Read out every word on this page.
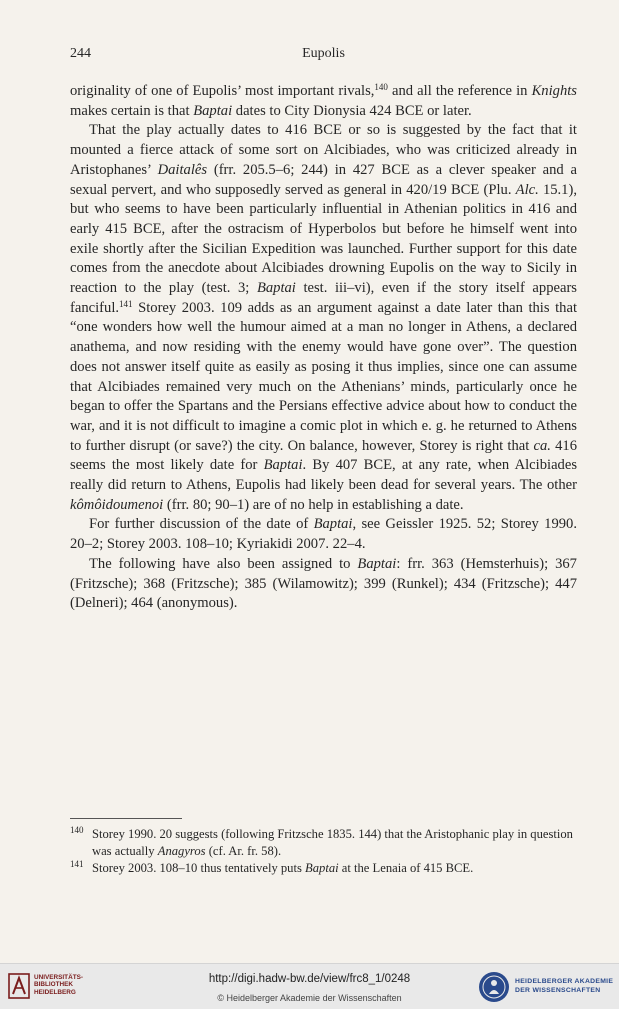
244	Eupolis

originality of one of Eupolis’ most important rivals,$^{140}$ and all the reference in Knights makes certain is that Baptai dates to City Dionysia 424 BCE or later.

That the play actually dates to 416 BCE or so is suggested by the fact that it mounted a fierce attack of some sort on Alcibiades, who was criticized already in Aristophanes’ Daitalês (frr. 205.5–6; 244) in 427 BCE as a clever speaker and a sexual pervert, and who supposedly served as general in 420/19 BCE (Plu. Alc. 15.1), but who seems to have been particularly influential in Athenian politics in 416 and early 415 BCE, after the ostracism of Hyperbolos but before he himself went into exile shortly after the Sicilian Expedition was launched. Further support for this date comes from the anecdote about Alcibiades drowning Eupolis on the way to Sicily in reaction to the play (test. 3; Baptai test. iii–vi), even if the story itself appears fanciful.$^{141}$ Storey 2003. 109 adds as an argument against a date later than this that “one wonders how well the humour aimed at a man no longer in Athens, a declared anathema, and now residing with the enemy would have gone over”. The question does not answer itself quite as easily as posing it thus implies, since one can assume that Alcibiades remained very much on the Athenians’ minds, particularly once he began to offer the Spartans and the Persians effective advice about how to conduct the war, and it is not difficult to imagine a comic plot in which e. g. he returned to Athens to further disrupt (or save?) the city. On balance, however, Storey is right that ca. 416 seems the most likely date for Baptai. By 407 BCE, at any rate, when Alcibiades really did return to Athens, Eupolis had likely been dead for several years. The other kômôidoumenoi (frr. 80; 90–1) are of no help in establishing a date.

For further discussion of the date of Baptai, see Geissler 1925. 52; Storey 1990. 20–2; Storey 2003. 108–10; Kyriakidi 2007. 22–4.

The following have also been assigned to Baptai: frr. 363 (Hemsterhuis); 367 (Fritzsche); 368 (Fritzsche); 385 (Wilamowitz); 399 (Runkel); 434 (Fritzsche); 447 (Delneri); 464 (anonymous).

140 Storey 1990. 20 suggests (following Fritzsche 1835. 144) that the Aristophanic play in question was actually Anagyros (cf. Ar. fr. 58).

141 Storey 2003. 108–10 thus tentatively puts Baptai at the Lenaia of 415 BCE.

UNIVERSITÄTS-
BIBLIOTHEK
HEIDELBERG
http://digi.hadw-bw.de/view/frc8_1/0248
© Heidelberger Akademie der Wissenschaften
HEIDELBERGER AKADEMIE
DER WISSENSCHAFTEN
